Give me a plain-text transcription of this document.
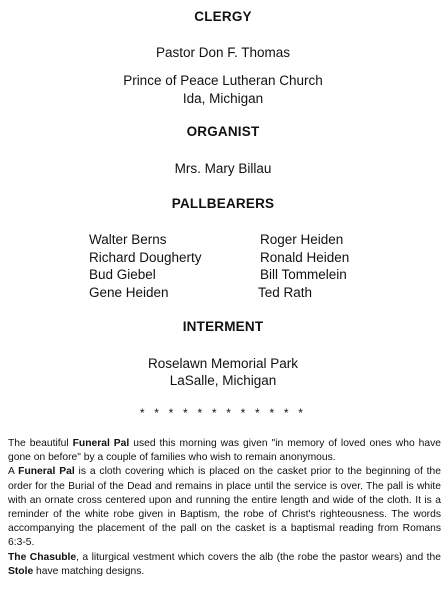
CLERGY
Pastor Don F. Thomas
Prince of Peace Lutheran Church
Ida, Michigan
ORGANIST
Mrs. Mary Billau
PALLBEARERS
Walter Berns
Richard Dougherty
Bud Giebel
Gene Heiden
Roger Heiden
Ronald Heiden
Bill Tommelein
Ted Rath
INTERMENT
Roselawn Memorial Park
LaSalle, Michigan
* * * * * * * * * * * *
The beautiful Funeral Pal used this morning was given "in memory of loved ones who have gone on before" by a couple of families who wish to remain anonymous.
A Funeral Pal is a cloth covering which is placed on the casket prior to the beginning of the order for the Burial of the Dead and remains in place until the service is over. The pall is white with an ornate cross centered upon and running the entire length and wide of the cloth. It is a reminder of the white robe given in Baptism, the robe of Christ's righteousness. The words accompanying the placement of the pall on the casket is a baptismal reading from Romans 6:3-5.
The Chasuble, a liturgical vestment which covers the alb (the robe the pastor wears) and the Stole have matching designs.
